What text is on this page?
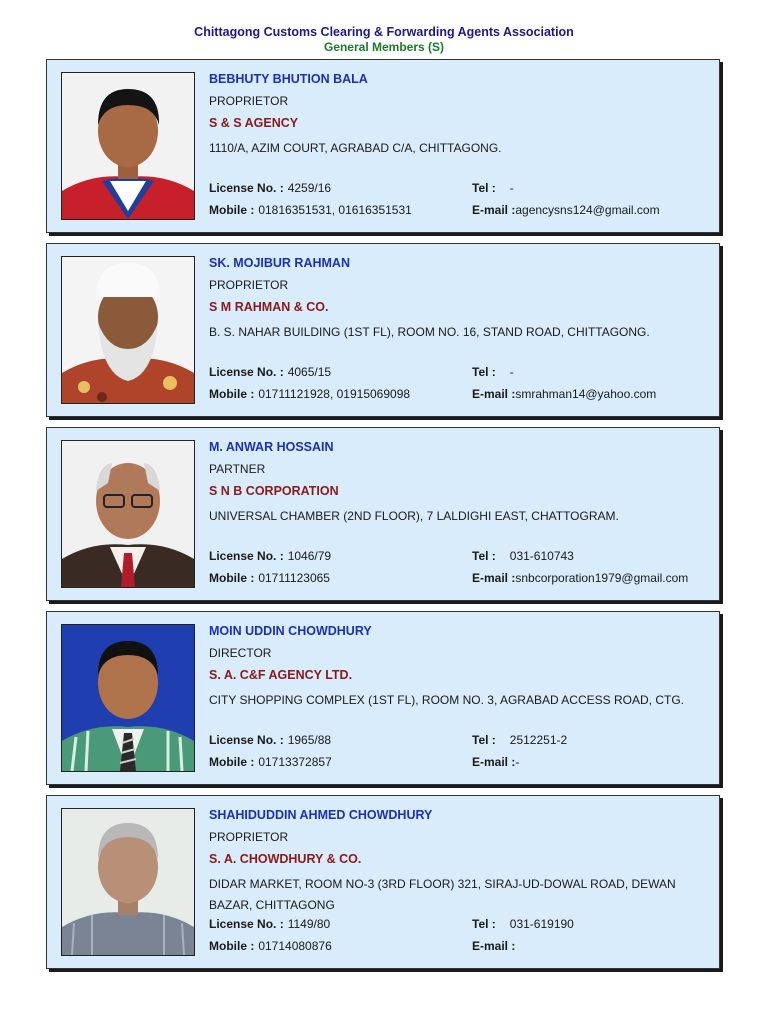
Chittagong Customs Clearing & Forwarding Agents Association
General Members (S)
BEBHUTY BHUTION BALA
PROPRIETOR
S & S AGENCY
1110/A, AZIM COURT, AGRABAD C/A, CHITTAGONG.
License No. : 4259/16
Mobile : 01816351531, 01616351531
Tel : -
E-mail :agencysns124@gmail.com
SK. MOJIBUR RAHMAN
PROPRIETOR
S M RAHMAN & CO.
B. S. NAHAR BUILDING (1ST FL), ROOM NO. 16, STAND ROAD, CHITTAGONG.
License No. : 4065/15
Mobile : 01711121928, 01915069098
Tel : -
E-mail :smrahman14@yahoo.com
M. ANWAR HOSSAIN
PARTNER
S N B CORPORATION
UNIVERSAL CHAMBER (2ND FLOOR), 7 LALDIGHI EAST, CHATTOGRAM.
License No. : 1046/79
Mobile : 01711123065
Tel : 031-610743
E-mail :snbcorporation1979@gmail.com
MOIN UDDIN CHOWDHURY
DIRECTOR
S. A. C&F AGENCY LTD.
CITY SHOPPING COMPLEX (1ST FL), ROOM NO. 3, AGRABAD ACCESS ROAD, CTG.
License No. : 1965/88
Mobile : 01713372857
Tel : 2512251-2
E-mail :-
SHAHIDUDDIN AHMED CHOWDHURY
PROPRIETOR
S. A. CHOWDHURY & CO.
DIDAR MARKET, ROOM NO-3 (3RD FLOOR) 321, SIRAJ-UD-DOWAL ROAD, DEWAN BAZAR, CHITTAGONG
License No. : 1149/80
Mobile : 01714080876
Tel : 031-619190
E-mail :
